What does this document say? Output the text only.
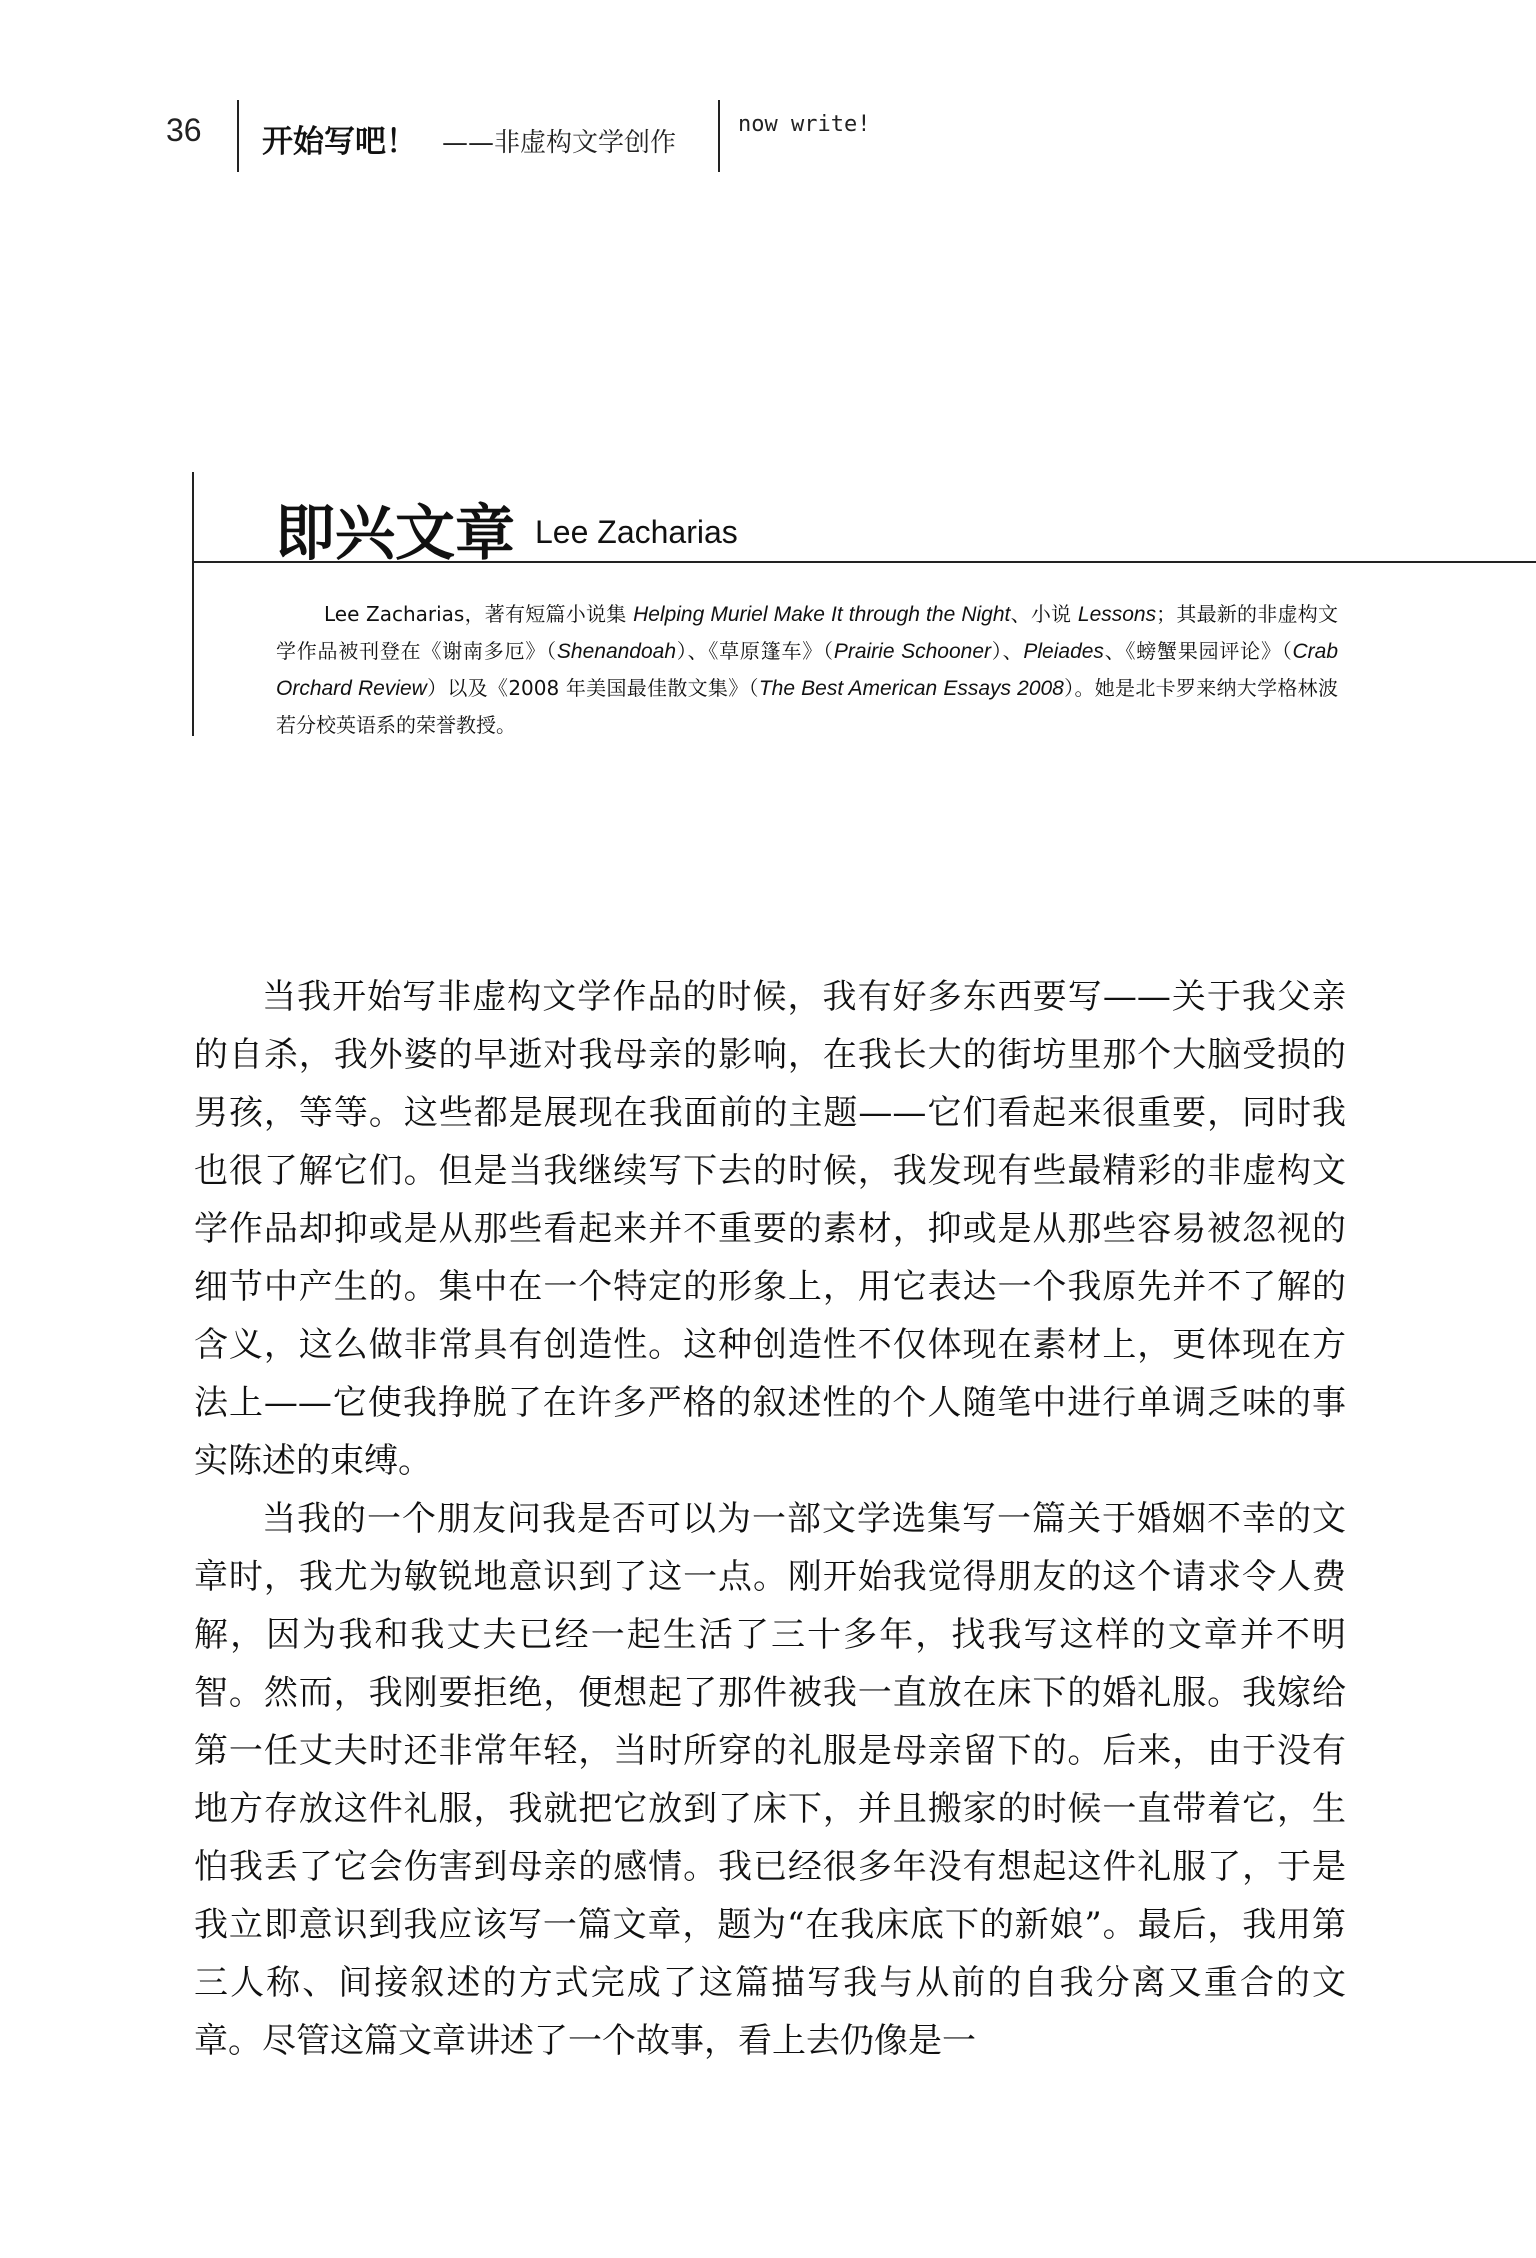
36 开始写吧！ ——非虚构文学创作
now write!
即兴文章 Lee Zacharias

Lee Zacharias，著有短篇小说集 Helping Muriel Make It through the Night、小说 Lessons；其最新的非虚构文学作品被刊登在《谢南多厄》（Shenandoah）、《草原篷车》（Prairie Schooner）、Pleiades、《螃蟹果园评论》（Crab Orchard Review）以及《2008 年美国最佳散文集》（The Best American Essays 2008）。她是北卡罗来纳大学格林波若分校英语系的荣誉教授。

当我开始写非虚构文学作品的时候，我有好多东西要写——关于我父亲的自杀，我外婆的早逝对我母亲的影响，在我长大的街坊里那个大脑受损的男孩，等等。这些都是展现在我面前的主题——它们看起来很重要，同时我也很了解它们。但是当我继续写下去的时候，我发现有些最精彩的非虚构文学作品却抑或是从那些看起来并不重要的素材，抑或是从那些容易被忽视的细节中产生的。集中在一个特定的形象上，用它表达一个我原先并不了解的含义，这么做非常具有创造性。这种创造性不仅体现在素材上，更体现在方法上——它使我挣脱了在许多严格的叙述性的个人随笔中进行单调乏味的事实陈述的束缚。

当我的一个朋友问我是否可以为一部文学选集写一篇关于婚姻不幸的文章时，我尤为敏锐地意识到了这一点。刚开始我觉得朋友的这个请求令人费解，因为我和我丈夫已经一起生活了三十多年，找我写这样的文章并不明智。然而，我刚要拒绝，便想起了那件被我一直放在床下的婚礼服。我嫁给第一任丈夫时还非常年轻，当时所穿的礼服是母亲留下的。后来，由于没有地方存放这件礼服，我就把它放到了床下，并且搬家的时候一直带着它，生怕我丢了它会伤害到母亲的感情。我已经很多年没有想起这件礼服了，于是我立即意识到我应该写一篇文章，题为“在我床底下的新娘”。最后，我用第三人称、间接叙述的方式完成了这篇描写我与从前的自我分离又重合的文章。尽管这篇文章讲述了一个故事，看上去仍像是一
